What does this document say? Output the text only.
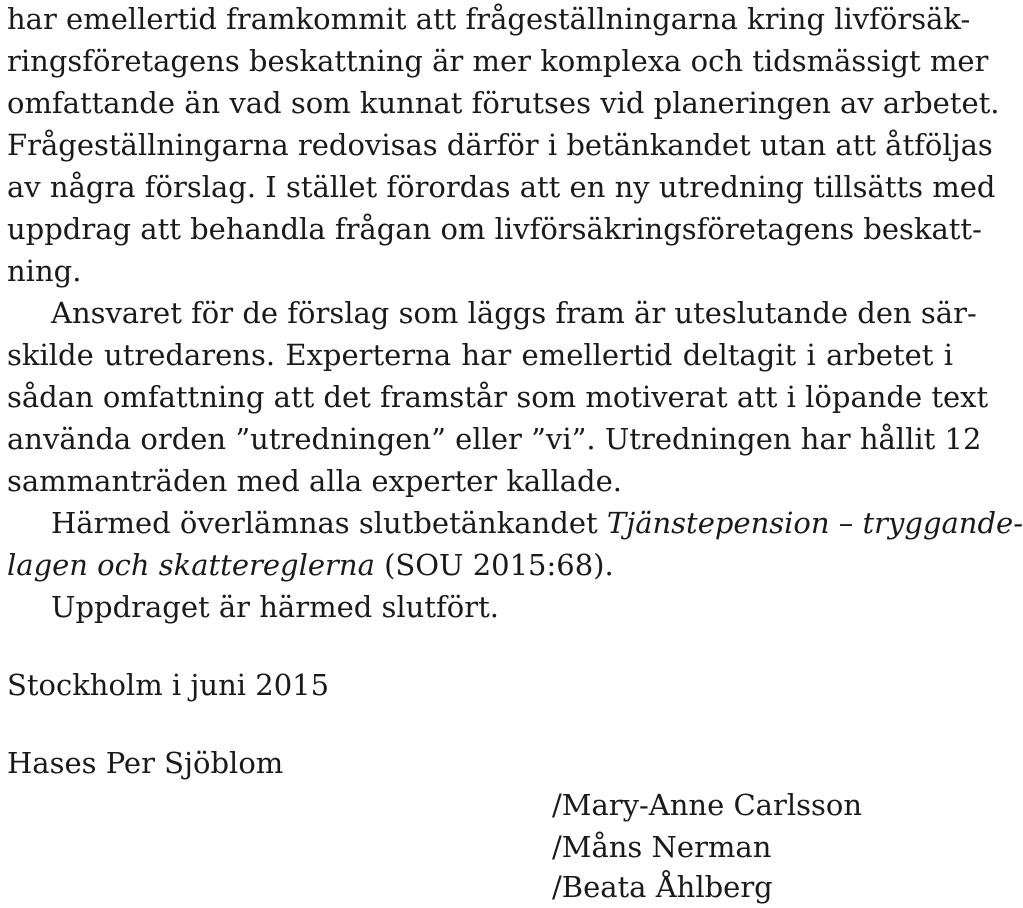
har emellertid framkommit att frågeställningarna kring livförsäk-
ringsföretagens beskattning är mer komplexa och tidsmässigt mer
omfattande än vad som kunnat förutses vid planeringen av arbetet.
Frågeställningarna redovisas därför i betänkandet utan att åtföljas
av några förslag. I stället förordas att en ny utredning tillsätts med
uppdrag att behandla frågan om livförsäkringsföretagens beskatt-
ning.
Ansvaret för de förslag som läggs fram är uteslutande den sär-
skilde utredarens. Experterna har emellertid deltagit i arbetet i
sådan omfattning att det framstår som motiverat att i löpande text
använda orden ”utredningen” eller ”vi”. Utredningen har hållit 12
sammanträden med alla experter kallade.
Härmed överlämnas slutbetänkandet Tjänstepension – tryggande-
lagen och skattereglerna (SOU 2015:68).
Uppdraget är härmed slutfört.
Stockholm i juni 2015
Hases Per Sjöblom
/Mary-Anne Carlsson
/Måns Nerman
/Beata Åhlberg
